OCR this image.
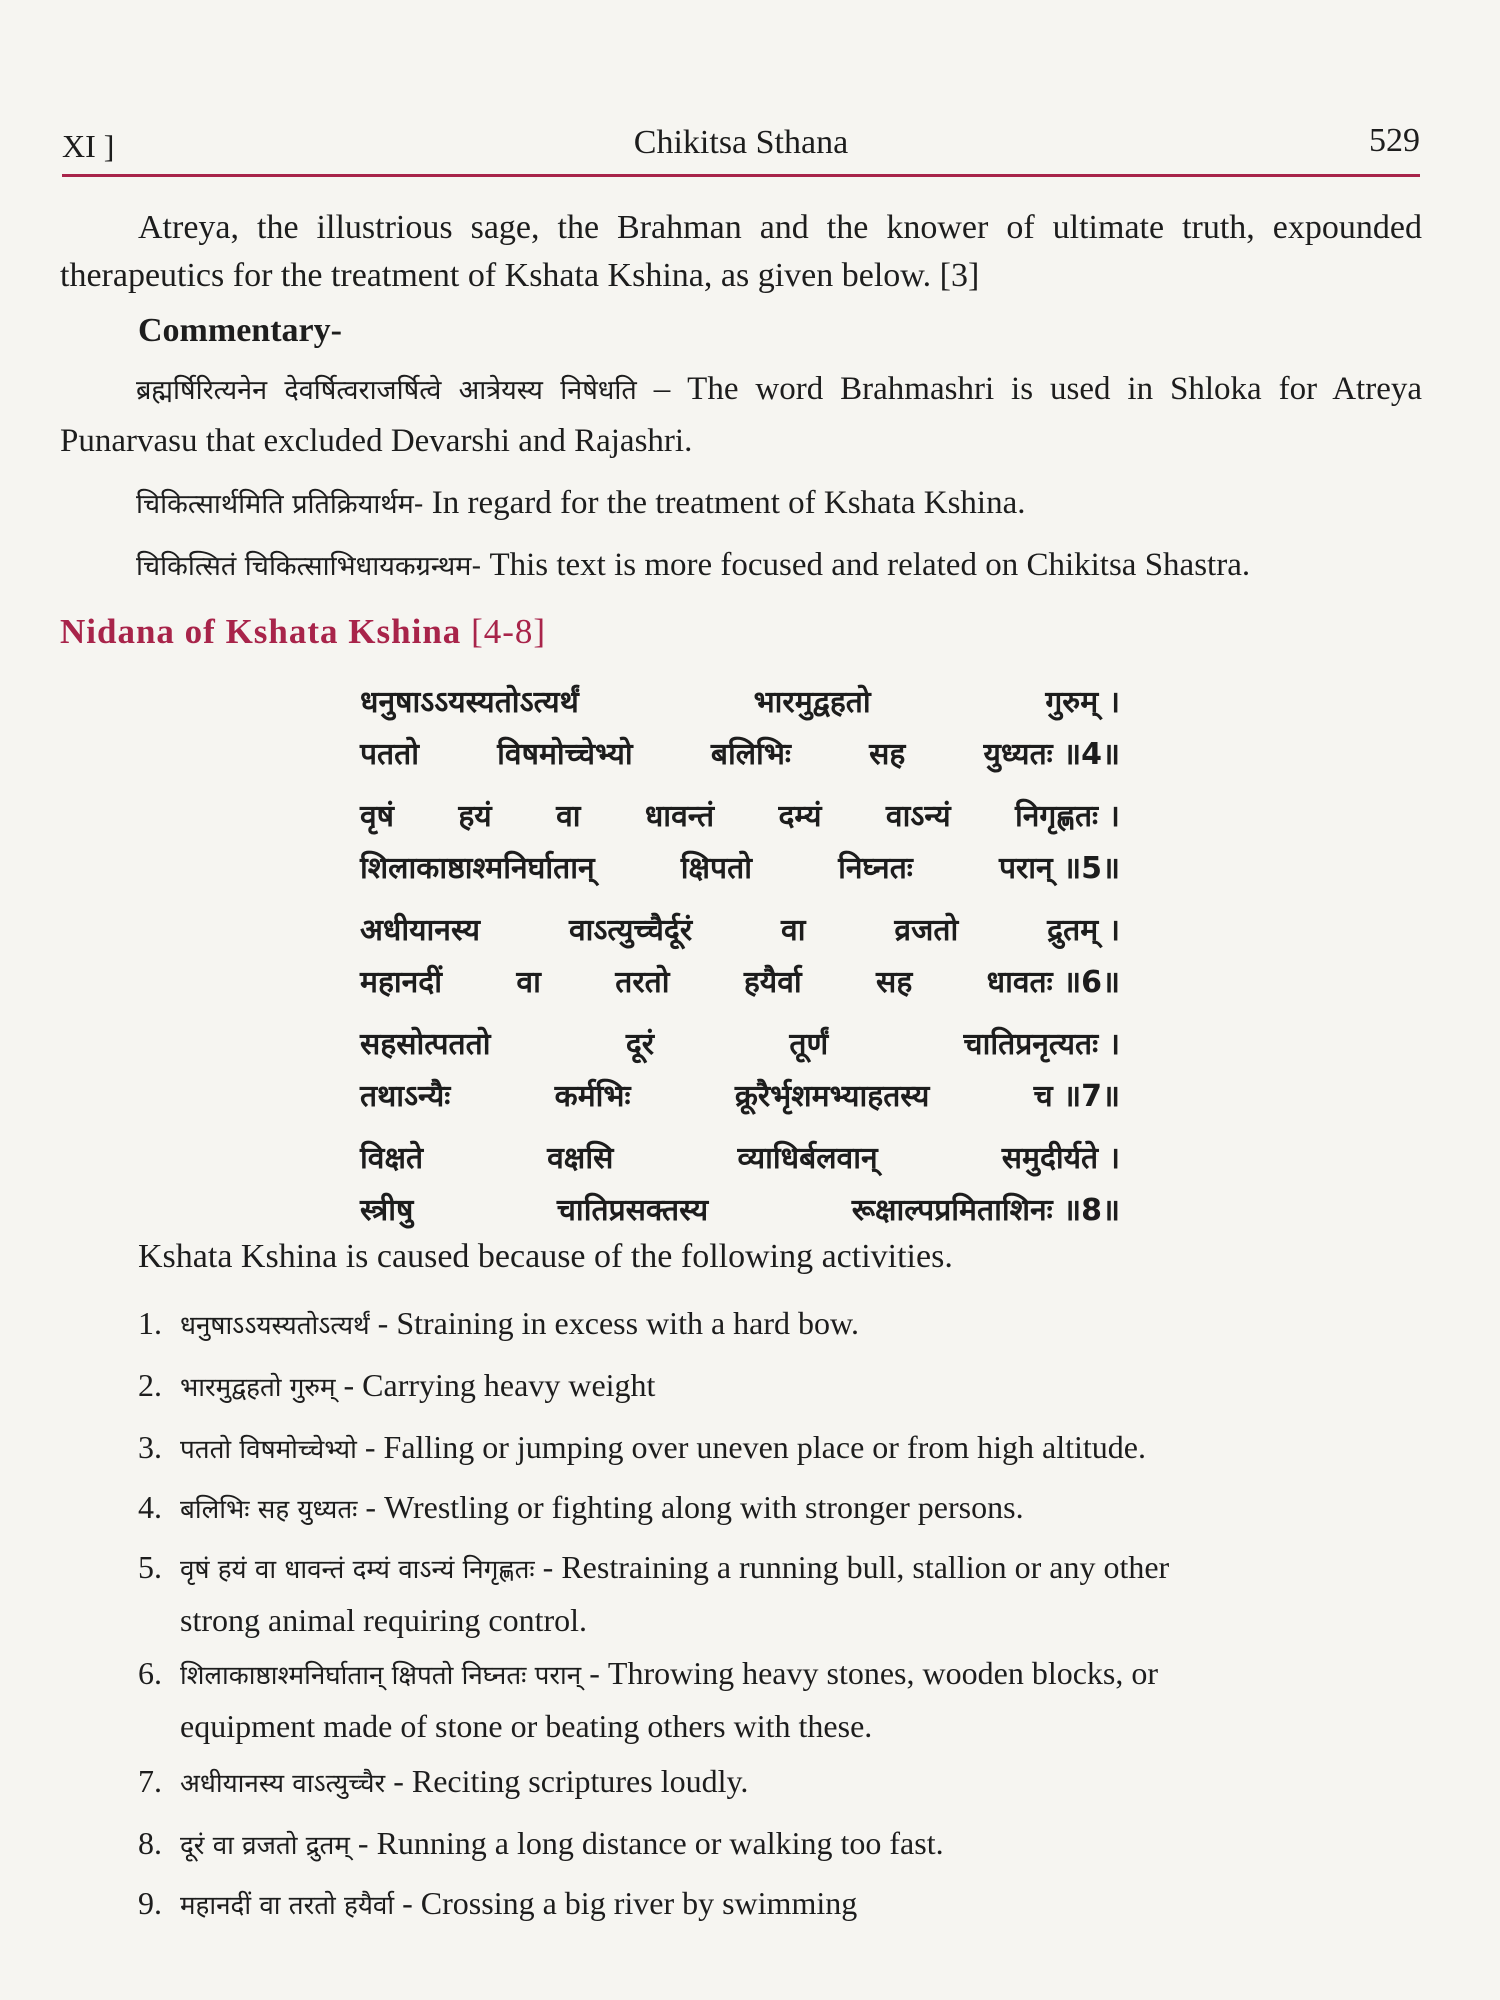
XI ]	Chikitsa Sthana	529
Atreya, the illustrious sage, the Brahman and the knower of ultimate truth, expounded therapeutics for the treatment of Kshata Kshina, as given below. [3]
Commentary-
ब्रह्मर्षिरित्यनेन देवर्षित्वराजर्षित्वे आत्रेयस्य निषेधति – The word Brahmashri is used in Shloka for Atreya Punarvasu that excluded Devarshi and Rajashri.
चिकित्सार्थमिति प्रतिक्रियार्थम- In regard for the treatment of Kshata Kshina.
चिकित्सितं चिकित्साभिधायकग्रन्थम- This text is more focused and related on Chikitsa Shastra.
Nidana of Kshata Kshina [4-8]
धनुषाऽऽयस्यतोऽत्यर्थं	भारमुद्वहतो	गुरुम् ।
पततो	विषमोच्चेभ्यो	बलिभिः	सह	युध्यतः ॥4॥
वृषं हयं वा धावन्तं दम्यं वाऽन्यं निगृह्णतः ।
शिलाकाष्ठाश्मनिर्घातान्	क्षिपतो	निघ्नतः	परान् ॥5॥
अधीयानस्य	वाऽत्युच्चैर्दूरं	वा	व्रजतो	द्रुतम् ।
महानदीं वा तरतो हयैर्वा सह धावतः ॥6॥
सहसोत्पततो	दूरं	तूर्णं	चातिप्रनृत्यतः ।
तथाऽन्यैः	कर्मभिः	क्रूरैर्भृशमभ्याहतस्य	च ॥7॥
विक्षते	वक्षसि	व्याधिर्बलवान्	समुदीर्यते ।
स्त्रीषु	चातिप्रसक्तस्य	रूक्षाल्पप्रमिताशिनः ॥8॥
Kshata Kshina is caused because of the following activities.
1. धनुषाऽऽयस्यतोऽत्यर्थं - Straining in excess with a hard bow.
2. भारमुद्वहतो गुरुम् - Carrying heavy weight
3. पततो विषमोच्चेभ्यो - Falling or jumping over uneven place or from high altitude.
4. बलिभिः सह युध्यतः - Wrestling or fighting along with stronger persons.
5. वृषं हयं वा धावन्तं दम्यं वाऽन्यं निगृह्णतः - Restraining a running bull, stallion or any other
strong animal requiring control.
6. शिलाकाष्ठाश्मनिर्घातान् क्षिपतो निघ्नतः परान् - Throwing heavy stones, wooden blocks, or
equipment made of stone or beating others with these.
7. अधीयानस्य वाऽत्युच्चैर - Reciting scriptures loudly.
8. दूरं वा व्रजतो द्रुतम् - Running a long distance or walking too fast.
9. महानदीं वा तरतो हयैर्वा - Crossing a big river by swimming
